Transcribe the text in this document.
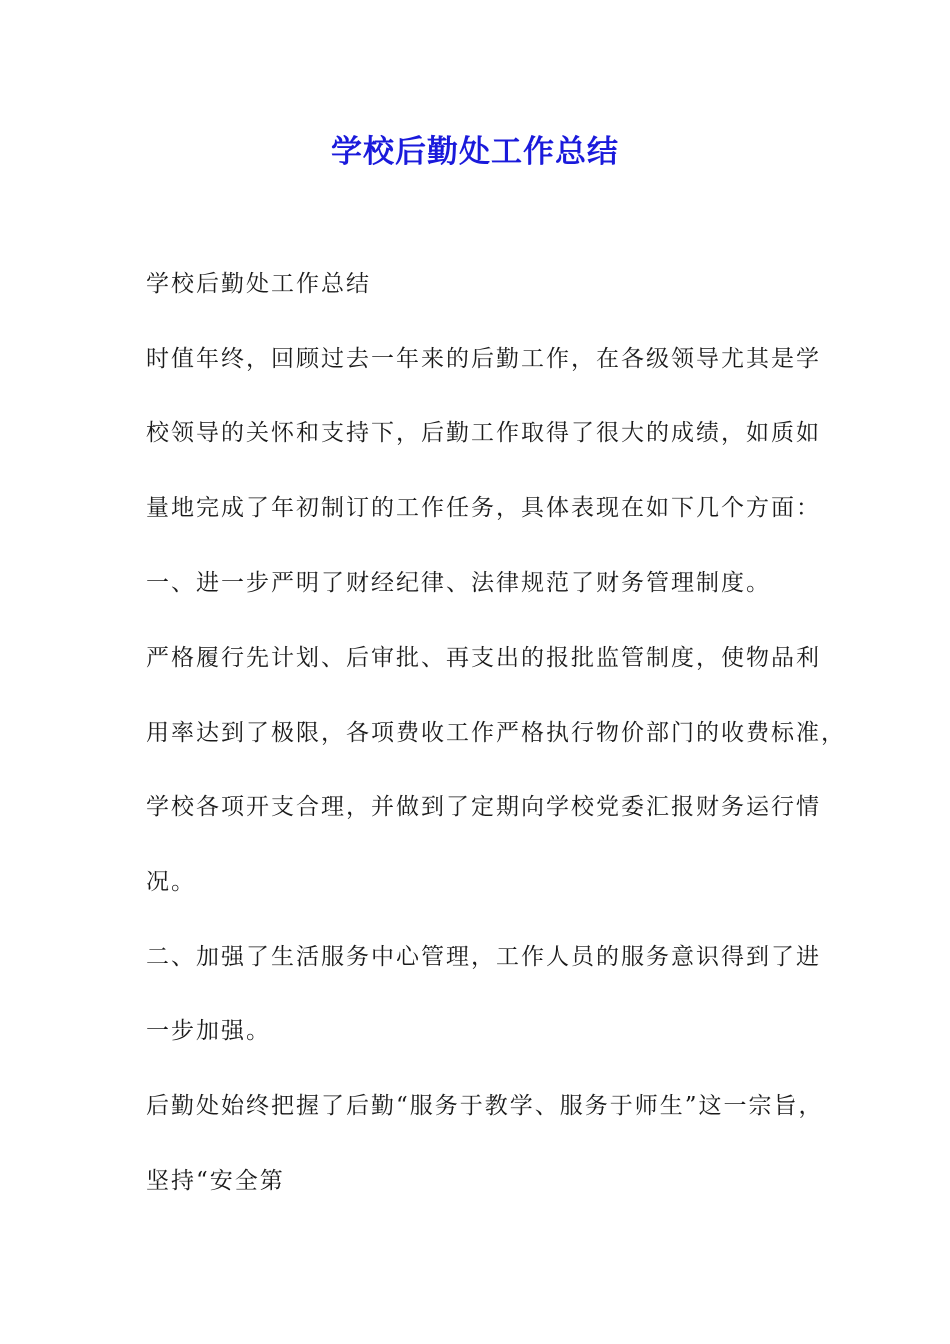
学校后勤处工作总结

学校后勤处工作总结

时值年终，回顾过去一年来的后勤工作，在各级领导尤其是学

校领导的关怀和支持下，后勤工作取得了很大的成绩，如质如

量地完成了年初制订的工作任务，具体表现在如下几个方面：

一、进一步严明了财经纪律、法律规范了财务管理制度。

严格履行先计划、后审批、再支出的报批监管制度，使物品利

用率达到了极限，各项费收工作严格执行物价部门的收费标准，

学校各项开支合理，并做到了定期向学校党委汇报财务运行情

况。

二、加强了生活服务中心管理，工作人员的服务意识得到了进

一步加强。

后勤处始终把握了后勤“服务于教学、服务于师生”这一宗旨，

坚持“安全第
